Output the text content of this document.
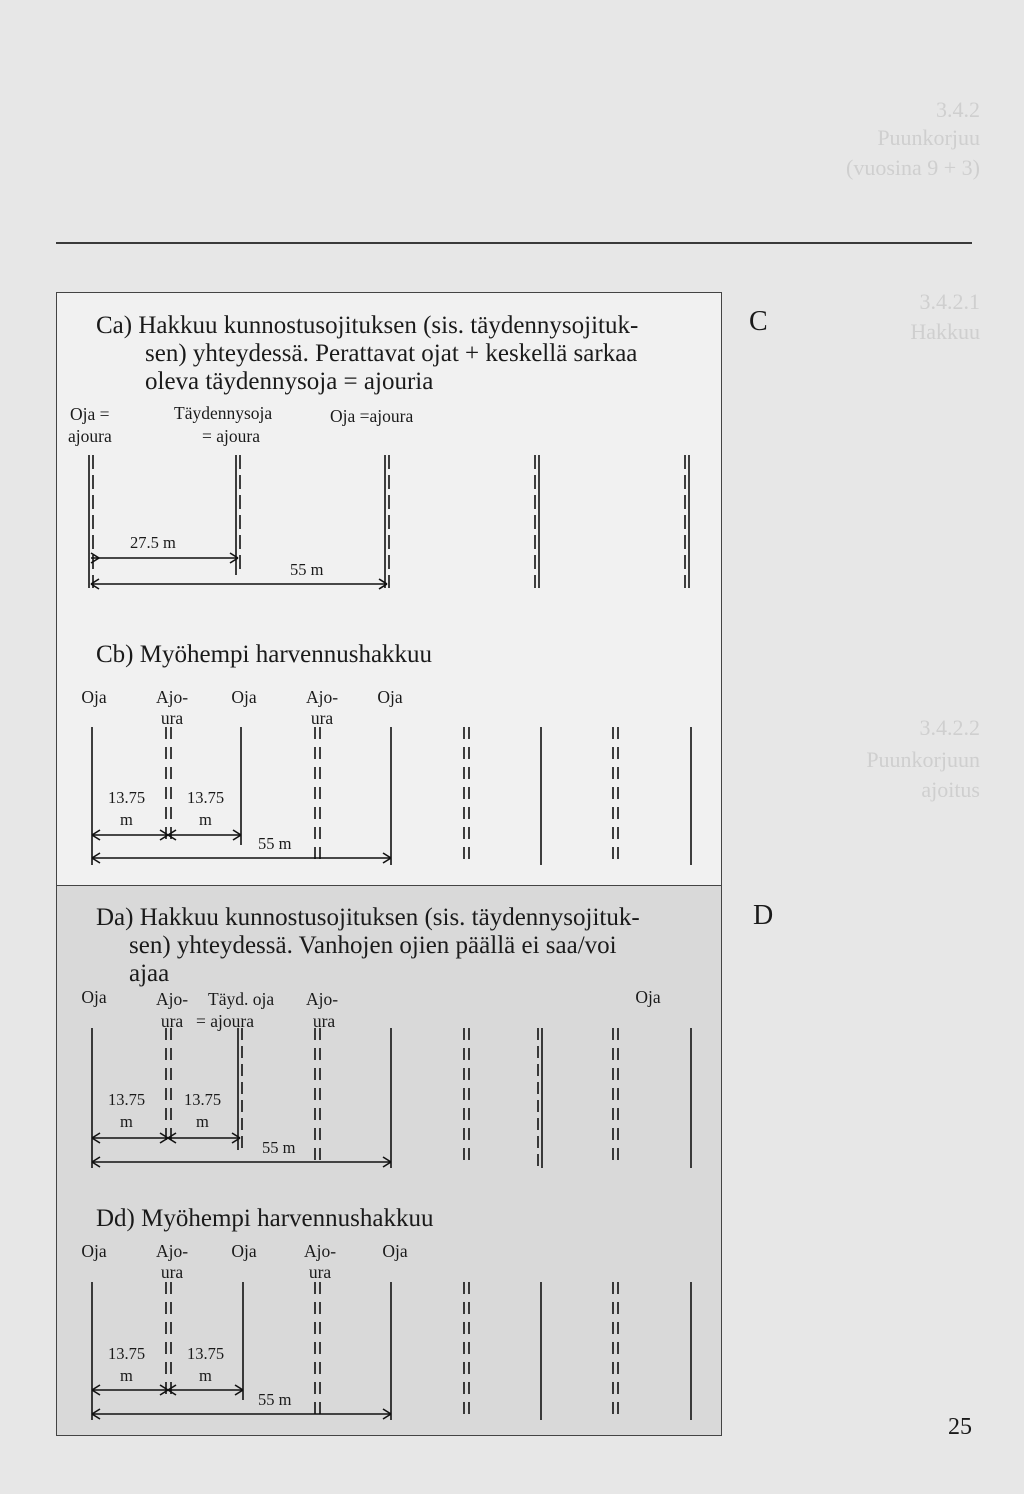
3.4.2
Puunkorjuu
(vuosina 9 + 3)
3.4.2.1
Hakkuu
3.4.2.2
Puunkorjuun
ajoitus
C
D
Ca) Hakkuu kunnostusojituksen (sis. täydennysojituk-
sen) yhteydessä. Perattavat ojat + keskellä sarkaa
oleva täydennysoja = ajouria
Oja =
ajoura
Täydennysoja
= ajoura
Oja =ajoura
27.5 m
55 m
Cb) Myöhempi harvennushakkuu
Oja	Ajo-
ura
Oja	Ajo-
ura
Oja
13.75
m
13.75
m
55 m
Da) Hakkuu kunnostusojituksen (sis. täydennysojituk-
sen) yhteydessä. Vanhojen ojien päällä ei saa/voi
ajaa
Oja	Ajo-
ura
Täyd. oja
= ajoura
Ajo-
ura
Oja
13.75
m
13.75
m
55 m
Dd) Myöhempi harvennushakkuu
Oja	Ajo-
ura
Oja	Ajo-
ura
Oja
13.75
m
13.75
m
55 m
25
